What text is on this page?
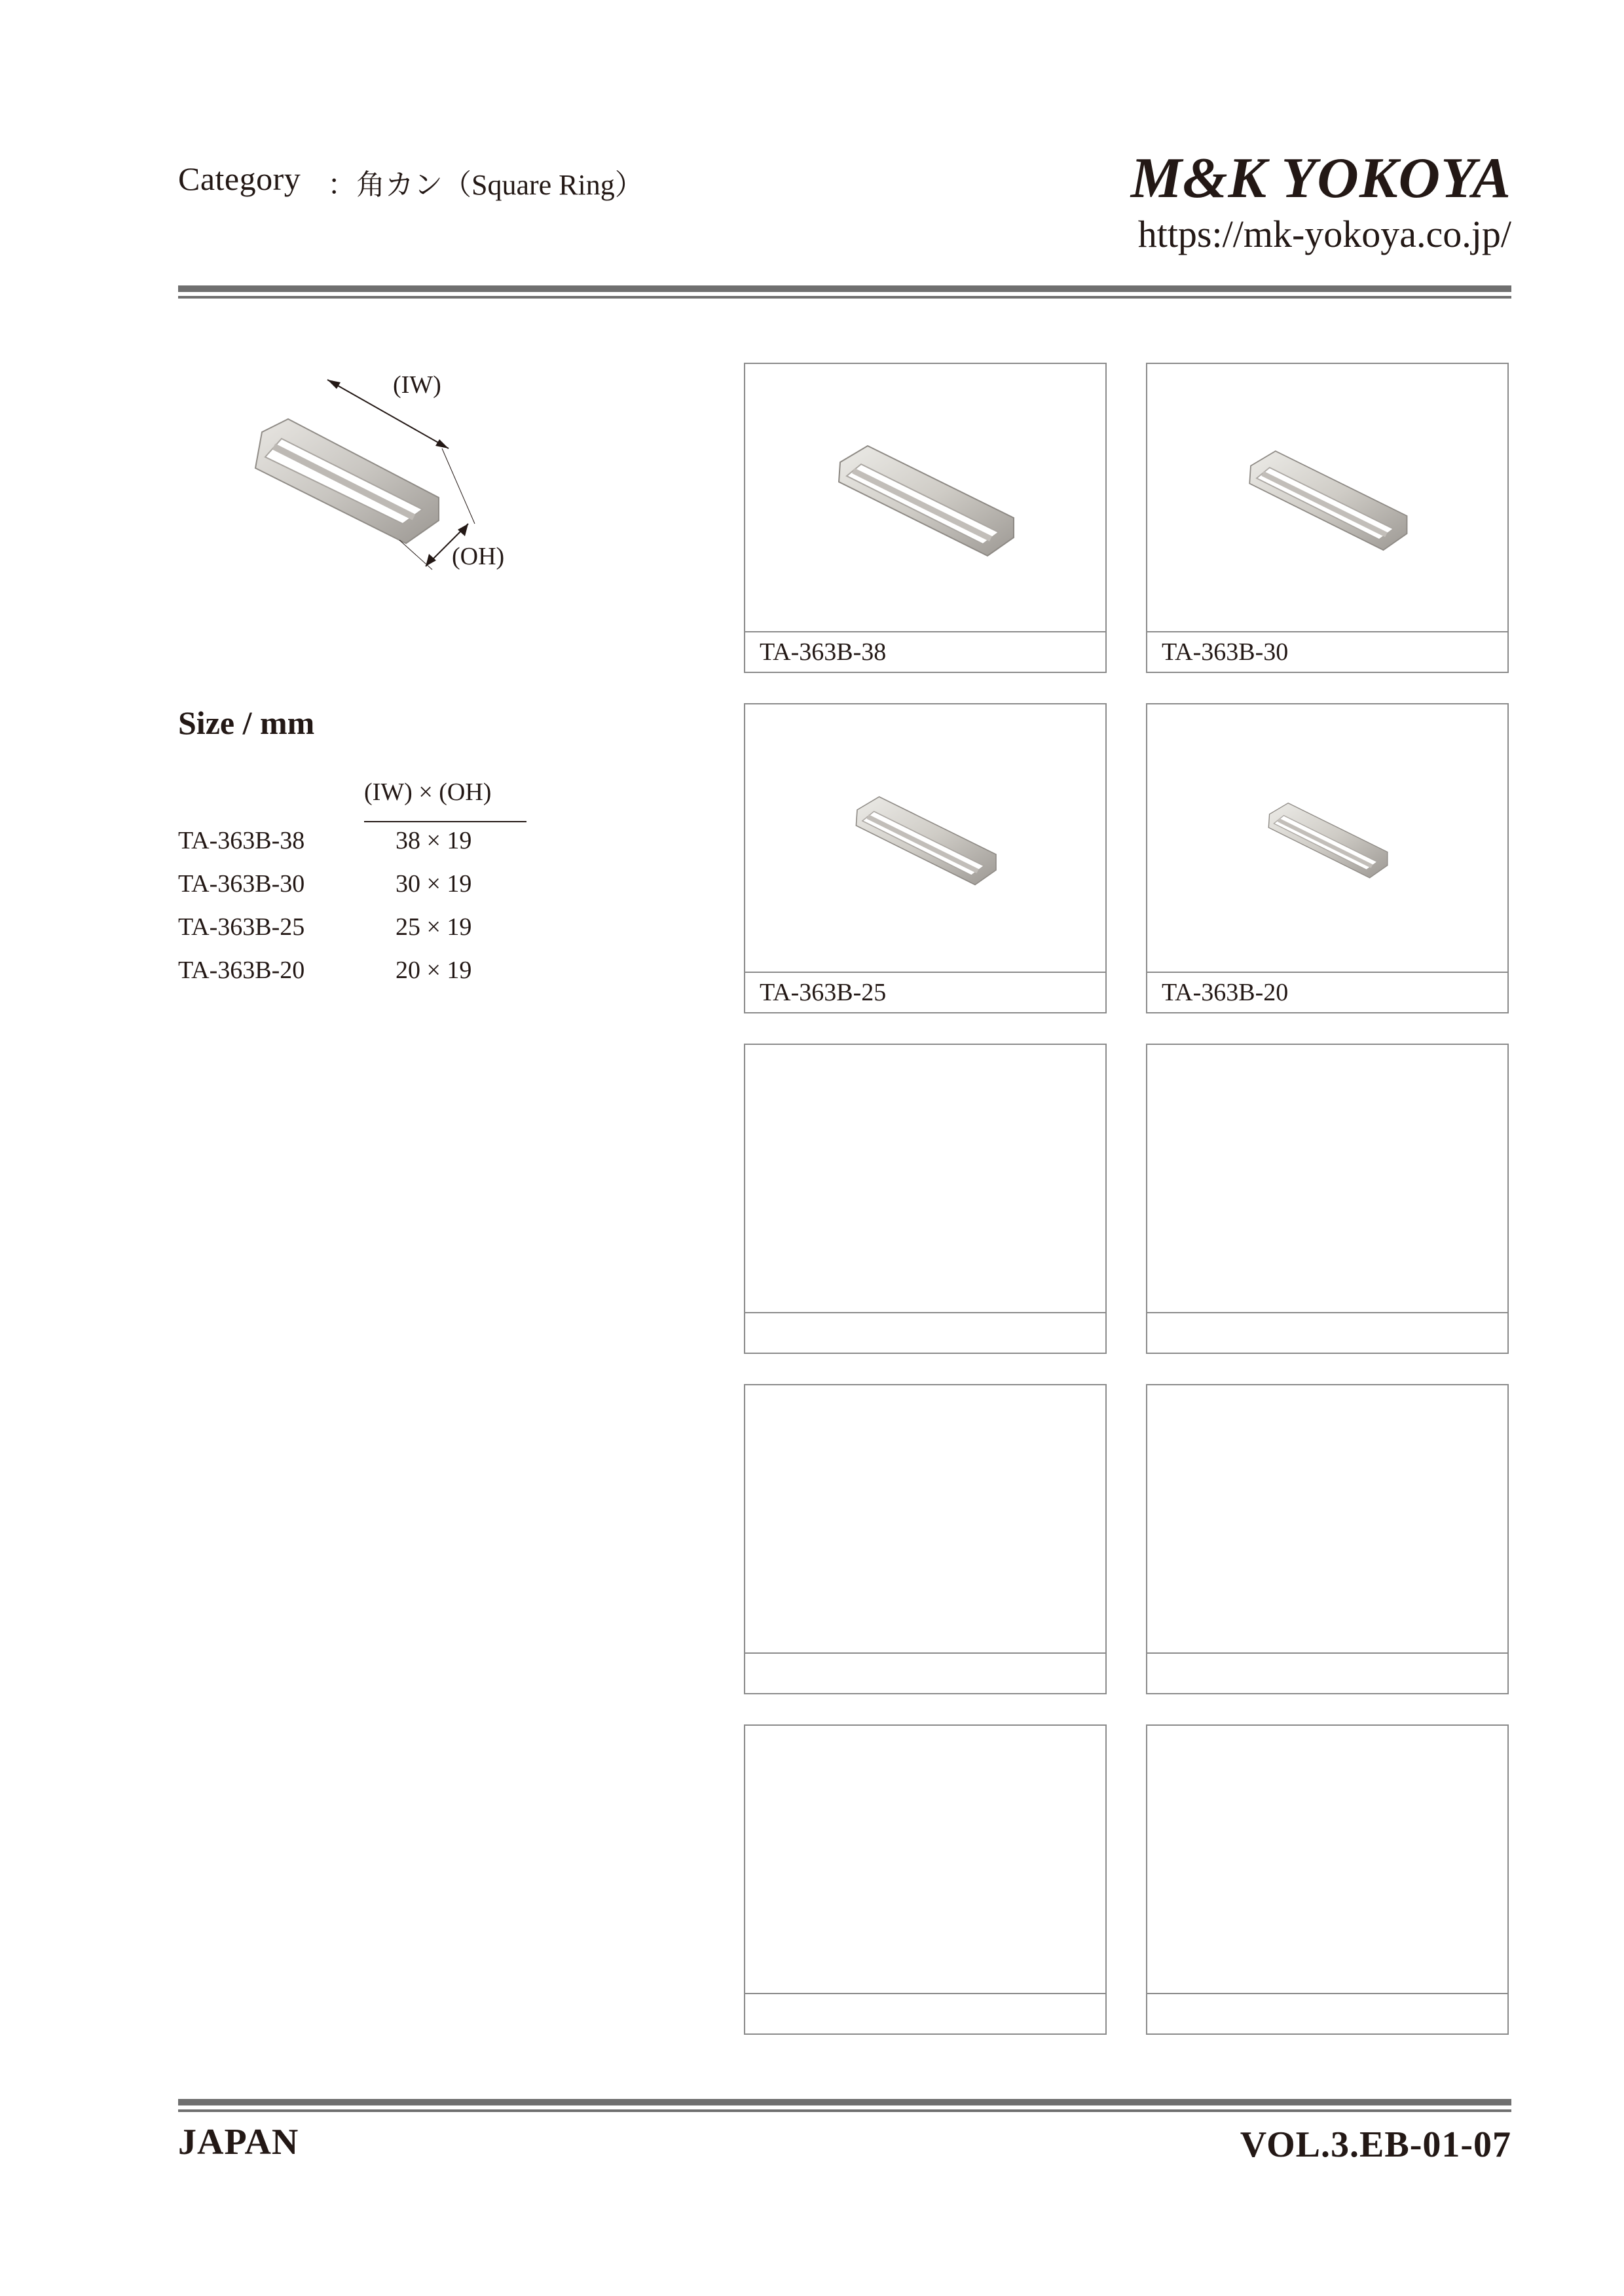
Category ：角カン（Square Ring）	M&K YOKOYA
https://mk-yokoya.co.jp/
(IW)
(OH)
Size / mm
(IW) × (OH)
TA-363B-38	38 × 19
TA-363B-30	30 × 19
TA-363B-25	25 × 19
TA-363B-20	20 × 19
TA-363B-38	TA-363B-30
TA-363B-25	TA-363B-20
JAPAN	VOL.3.EB-01-07
